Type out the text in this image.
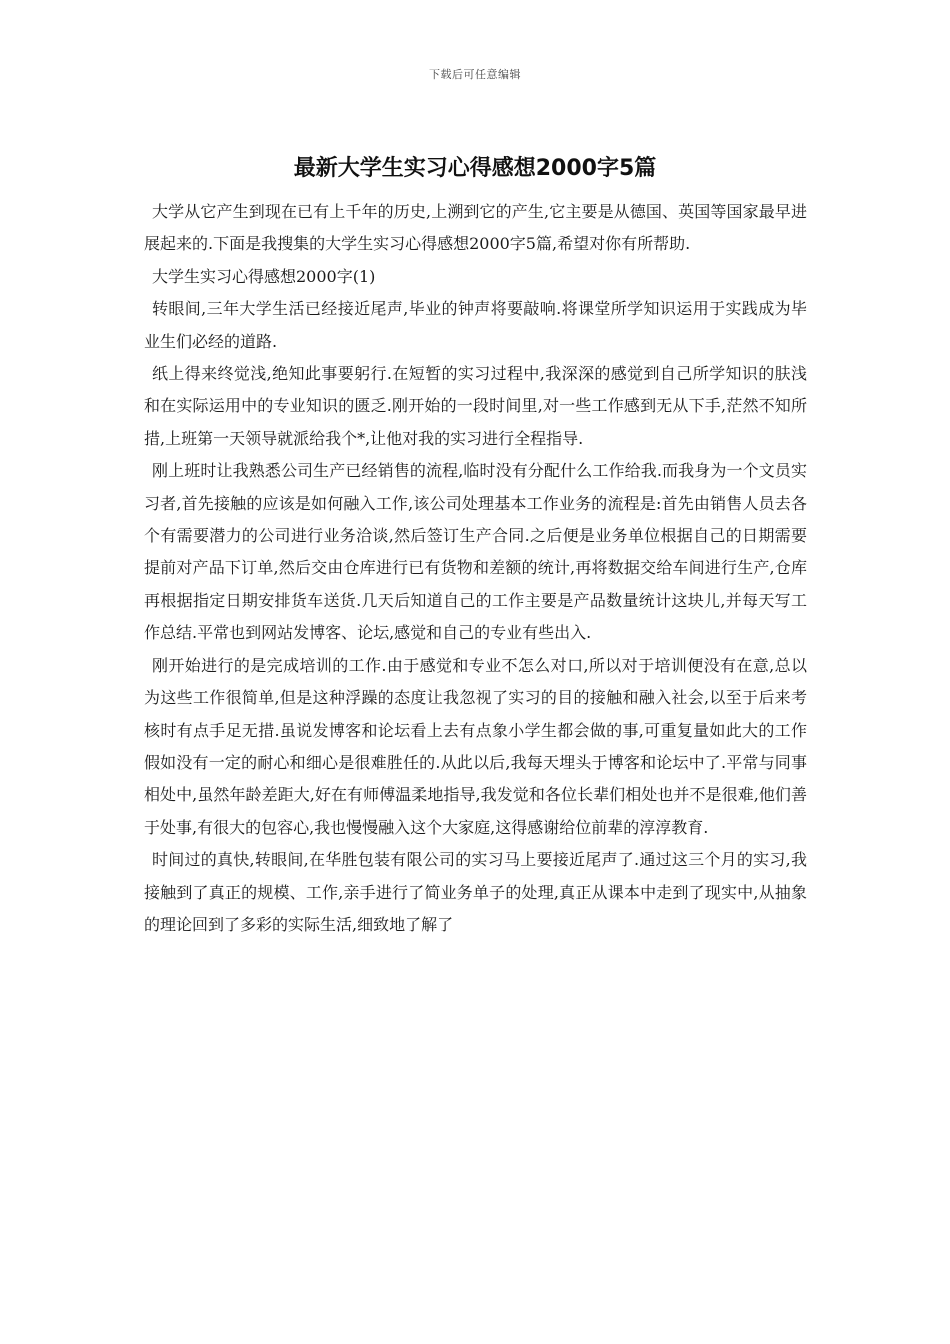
下载后可任意编辑
最新大学生实习心得感想2000字5篇

大学从它产生到现在已有上千年的历史,上溯到它的产生,它主要是从德国、英国等国家最早进展起来的.下面是我搜集的大学生实习心得感想2000字5篇,希望对你有所帮助.

大学生实习心得感想2000字(1)

转眼间,三年大学生活已经接近尾声,毕业的钟声将要敲响.将课堂所学知识运用于实践成为毕业生们必经的道路.

纸上得来终觉浅,绝知此事要躬行.在短暂的实习过程中,我深深的感觉到自己所学知识的肤浅和在实际运用中的专业知识的匮乏.刚开始的一段时间里,对一些工作感到无从下手,茫然不知所措,上班第一天领导就派给我个*,让他对我的实习进行全程指导.

刚上班时让我熟悉公司生产已经销售的流程,临时没有分配什么工作给我.而我身为一个文员实习者,首先接触的应该是如何融入工作,该公司处理基本工作业务的流程是:首先由销售人员去各个有需要潜力的公司进行业务洽谈,然后签订生产合同.之后便是业务单位根据自己的日期需要提前对产品下订单,然后交由仓库进行已有货物和差额的统计,再将数据交给车间进行生产,仓库再根据指定日期安排货车送货.几天后知道自己的工作主要是产品数量统计这块儿,并每天写工作总结.平常也到网站发博客、论坛,感觉和自己的专业有些出入.

刚开始进行的是完成培训的工作.由于感觉和专业不怎么对口,所以对于培训便没有在意,总以为这些工作很简单,但是这种浮躁的态度让我忽视了实习的目的接触和融入社会,以至于后来考核时有点手足无措.虽说发博客和论坛看上去有点象小学生都会做的事,可重复量如此大的工作假如没有一定的耐心和细心是很难胜任的.从此以后,我每天埋头于博客和论坛中了.平常与同事相处中,虽然年龄差距大,好在有师傅温柔地指导,我发觉和各位长辈们相处也并不是很难,他们善于处事,有很大的包容心,我也慢慢融入这个大家庭,这得感谢给位前辈的淳淳教育.

时间过的真快,转眼间,在华胜包装有限公司的实习马上要接近尾声了.通过这三个月的实习,我接触到了真正的规模、工作,亲手进行了简业务单子的处理,真正从课本中走到了现实中,从抽象的理论回到了多彩的实际生活,细致地了解了
